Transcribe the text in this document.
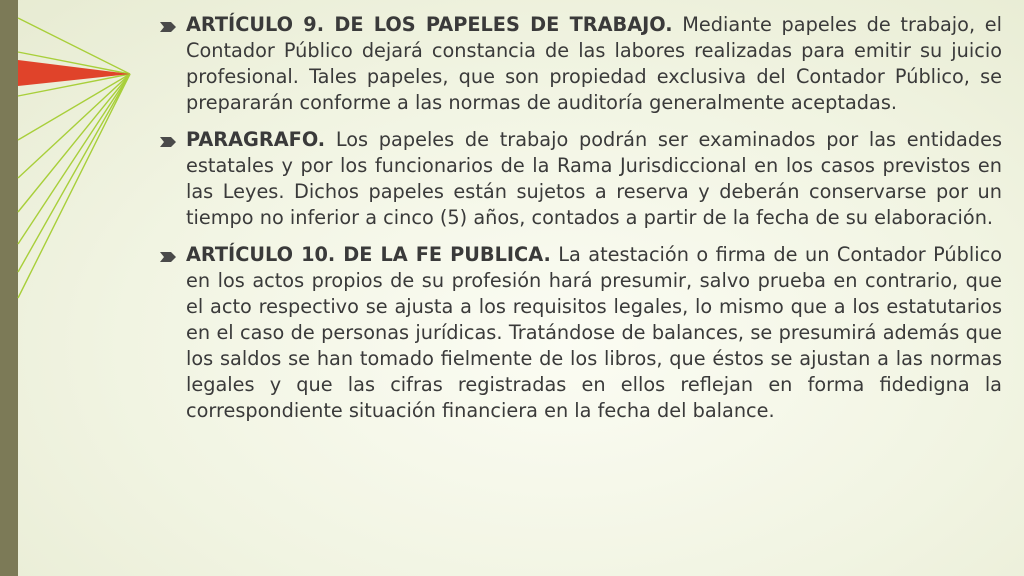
ARTÍCULO 9. DE LOS PAPELES DE TRABAJO. Mediante papeles de trabajo, el Contador Público dejará constancia de las labores realizadas para emitir su juicio profesional. Tales papeles, que son propiedad exclusiva del Contador Público, se prepararán conforme a las normas de auditoría generalmente aceptadas.

PARAGRAFO. Los papeles de trabajo podrán ser examinados por las entidades estatales y por los funcionarios de la Rama Jurisdiccional en los casos previstos en las Leyes. Dichos papeles están sujetos a reserva y deberán conservarse por un tiempo no inferior a cinco (5) años, contados a partir de la fecha de su elaboración.

ARTÍCULO 10. DE LA FE PUBLICA. La atestación o firma de un Contador Público en los actos propios de su profesión hará presumir, salvo prueba en contrario, que el acto respectivo se ajusta a los requisitos legales, lo mismo que a los estatutarios en el caso de personas jurídicas. Tratándose de balances, se presumirá además que los saldos se han tomado fielmente de los libros, que éstos se ajustan a las normas legales y que las cifras registradas en ellos reflejan en forma fidedigna la correspondiente situación financiera en la fecha del balance.
